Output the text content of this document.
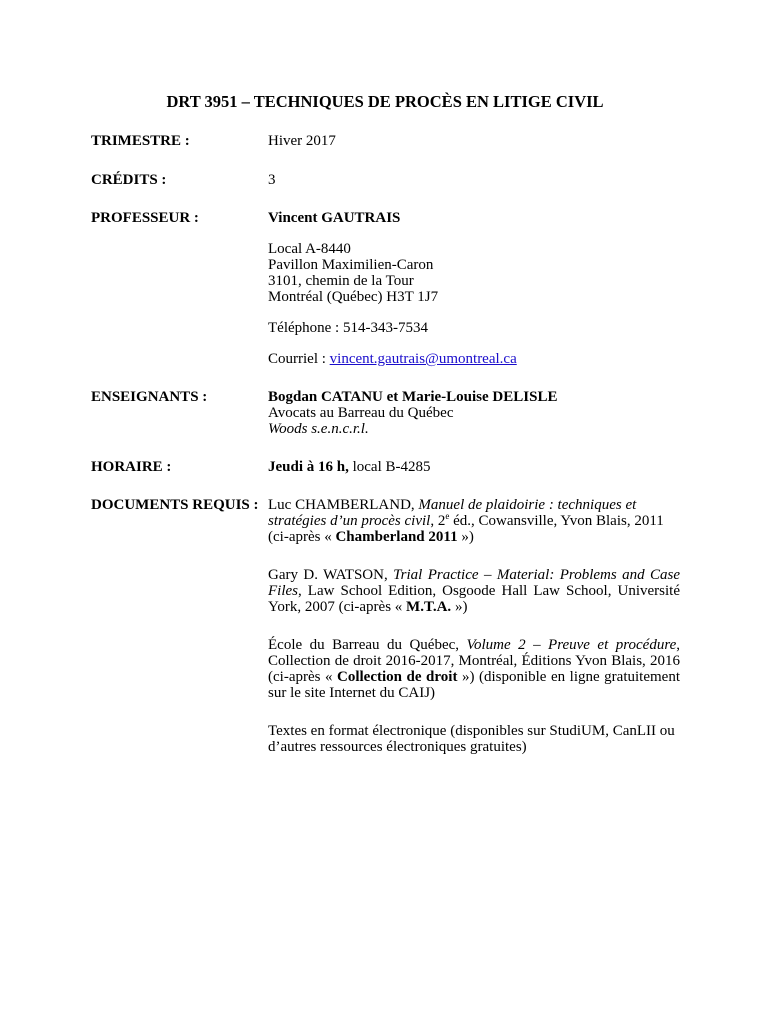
DRT 3951 – TECHNIQUES DE PROCÈS EN LITIGE CIVIL
TRIMESTRE :	Hiver 2017
CRÉDITS :	3
PROFESSEUR :	Vincent GAUTRAIS

Local A-8440

Pavillon Maximilien-Caron

3101, chemin de la Tour

Montréal (Québec) H3T 1J7

Téléphone : 514-343-7534

Courriel : vincent.gautrais@umontreal.ca

ENSEIGNANTS :	Bogdan CATANU et Marie-Louise DELISLE

Avocats au Barreau du Québec

Woods s.e.n.c.r.l.

HORAIRE :	Jeudi à 16 h, local B-4285
DOCUMENTS REQUIS : Luc CHAMBERLAND, Manuel de plaidoirie : techniques et stratégies d’un procès civil, 2e éd., Cowansville, Yvon Blais, 2011 (ci-après « Chamberland 2011 »)

Gary D. WATSON, Trial Practice – Material: Problems and Case Files, Law School Edition, Osgoode Hall Law School, Université York, 2007 (ci-après « M.T.A. »)

École du Barreau du Québec, Volume 2 – Preuve et procédure, Collection de droit 2016-2017, Montréal, Éditions Yvon Blais, 2016 (ci-après « Collection de droit ») (disponible en ligne gratuitement sur le site Internet du CAIJ)

Textes en format électronique (disponibles sur StudiUM, CanLII ou d’autres ressources électroniques gratuites)
